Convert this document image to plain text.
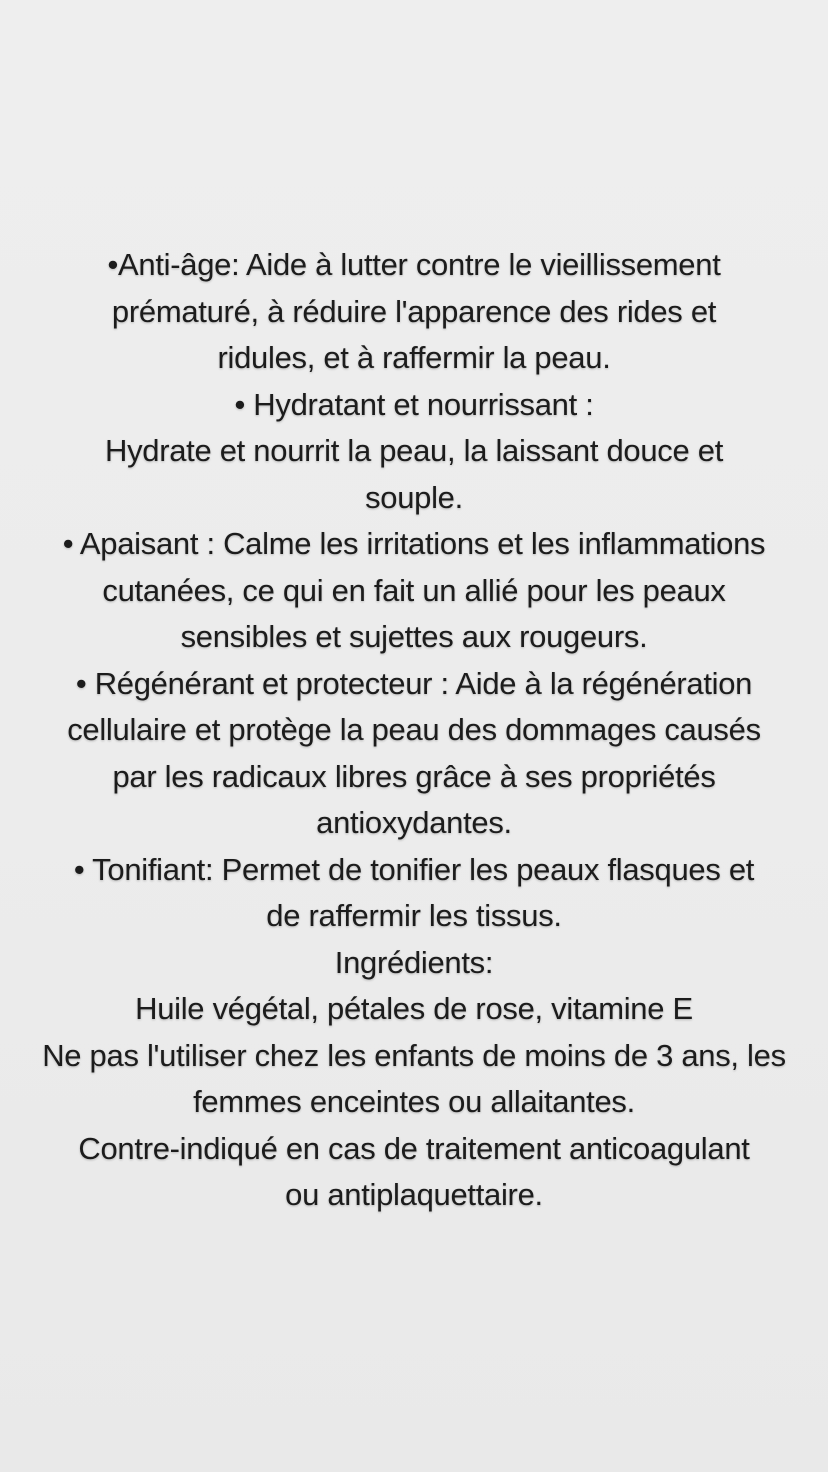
•Anti-âge: Aide à lutter contre le vieillissement
prématuré, à réduire l'apparence des rides et
ridules, et à raffermir la peau.
• Hydratant et nourrissant :
Hydrate et nourrit la peau, la laissant douce et
souple.
• Apaisant : Calme les irritations et les inflammations
cutanées, ce qui en fait un allié pour les peaux
sensibles et sujettes aux rougeurs.
• Régénérant et protecteur : Aide à la régénération
cellulaire et protège la peau des dommages causés
par les radicaux libres grâce à ses propriétés
antioxydantes.
• Tonifiant: Permet de tonifier les peaux flasques et
de raffermir les tissus.
Ingrédients:
Huile végétal, pétales de rose, vitamine E
Ne pas l'utiliser chez les enfants de moins de 3 ans, les
femmes enceintes ou allaitantes.
Contre-indiqué en cas de traitement anticoagulant
ou antiplaquettaire.
